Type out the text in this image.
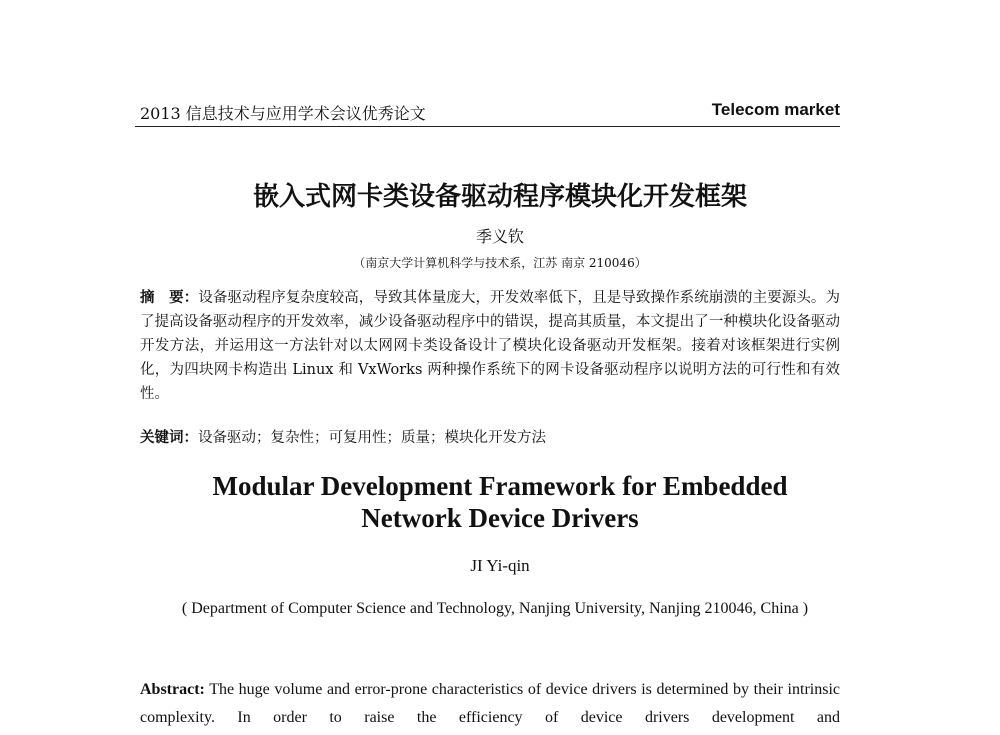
2013 信息技术与应用学术会议优秀论文	Telecom market
嵌入式网卡类设备驱动程序模块化开发框架
季义钦
（南京大学计算机科学与技术系，江苏 南京 210046）
摘　要：设备驱动程序复杂度较高，导致其体量庞大，开发效率低下，且是导致操作系统崩溃的主要源头。为了提高设备驱动程序的开发效率，减少设备驱动程序中的错误，提高其质量，本文提出了一种模块化设备驱动开发方法，并运用这一方法针对以太网网卡类设备设计了模块化设备驱动开发框架。接着对该框架进行实例化，为四块网卡构造出 Linux 和 VxWorks 两种操作系统下的网卡设备驱动程序以说明方法的可行性和有效性。
关键词：设备驱动；复杂性；可复用性；质量；模块化开发方法
Modular Development Framework for Embedded
Network Device Drivers
JI Yi-qin
( Department of Computer Science and Technology, Nanjing University, Nanjing 210046, China )
Abstract: The huge volume and error-prone characteristics of device drivers is determined by their intrinsic complexity. In order to raise the efficiency of device drivers development and
